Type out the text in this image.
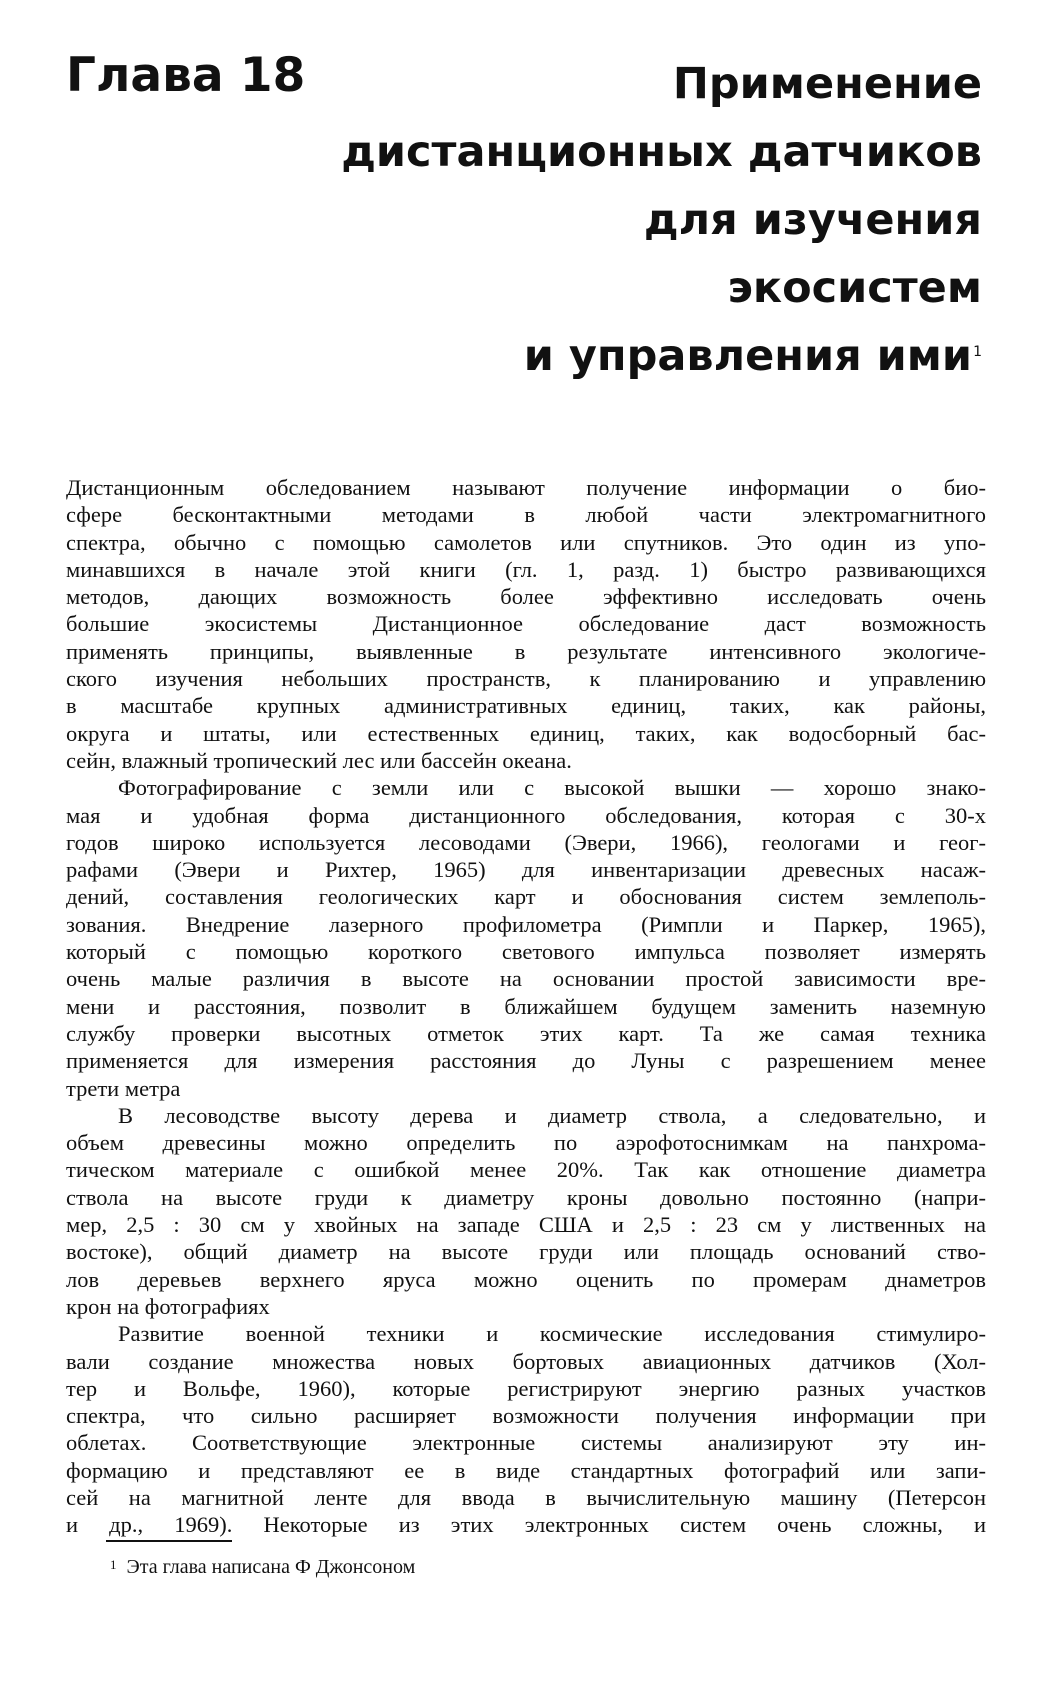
Глава 18	Применение
дистанционных датчиков
для изучения
экосистем
и управления ими$^1$
Дистанционным обследованием называют получение информации о био-
сфере бесконтактными методами в любой части электромагнитного
спектра, обычно с помощью самолетов или спутников. Это один из упо-
минавшихся в начале этой книги (гл. 1, разд. 1) быстро развивающихся
методов, дающих возможность более эффективно исследовать очень
большие экосистемы Дистанционное обследование даст возможность
применять принципы, выявленные в результате интенсивного экологиче-
ского изучения небольших пространств, к планированию и управлению
в масштабе крупных административных единиц, таких, как районы,
округа и штаты, или естественных единиц, таких, как водосборный бас-
сейн, влажный тропический лес или бассейн океана.
Фотографирование с земли или с высокой вышки — хорошо знако-
мая и удобная форма дистанционного обследования, которая с 30-х
годов широко используется лесоводами (Эвери, 1966), геологами и геог-
рафами (Эвери и Рихтер, 1965) для инвентаризации древесных насаж-
дений, составления геологических карт и обоснования систем землеполь-
зования. Внедрение лазерного профилометра (Римпли и Паркер, 1965),
который с помощью короткого светового импульса позволяет измерять
очень малые различия в высоте на основании простой зависимости вре-
мени и расстояния, позволит в ближайшем будущем заменить наземную
службу проверки высотных отметок этих карт. Та же самая техника
применяется для измерения расстояния до Луны с разрешением менее
трети метра
В лесоводстве высоту дерева и диаметр ствола, а следовательно, и
объем древесины можно определить по аэрофотоснимкам на панхрома-
тическом материале с ошибкой менее 20%. Так как отношение диаметра
ствола на высоте груди к диаметру кроны довольно постоянно (напри-
мер, 2,5 : 30 см у хвойных на западе США и 2,5 : 23 см у лиственных на
востоке), общий диаметр на высоте груди или площадь оснований ство-
лов деревьев верхнего яруса можно оценить по промерам днаметров
крон на фотографиях
Развитие военной техники и космические исследования стимулиро-
вали создание множества новых бортовых авиационных датчиков (Хол-
тер и Вольфе, 1960), которые регистрируют энергию разных участков
спектра, что сильно расширяет возможности получения информации при
облетах. Соответствующие электронные системы анализируют эту ин-
формацию и представляют ее в виде стандартных фотографий или запи-
сей на магнитной ленте для ввода в вычислительную машину (Петерсон
и др., 1969). Некоторые из этих электронных систем очень сложны, и
$^1$ Эта глава написана Ф Джонсоном
